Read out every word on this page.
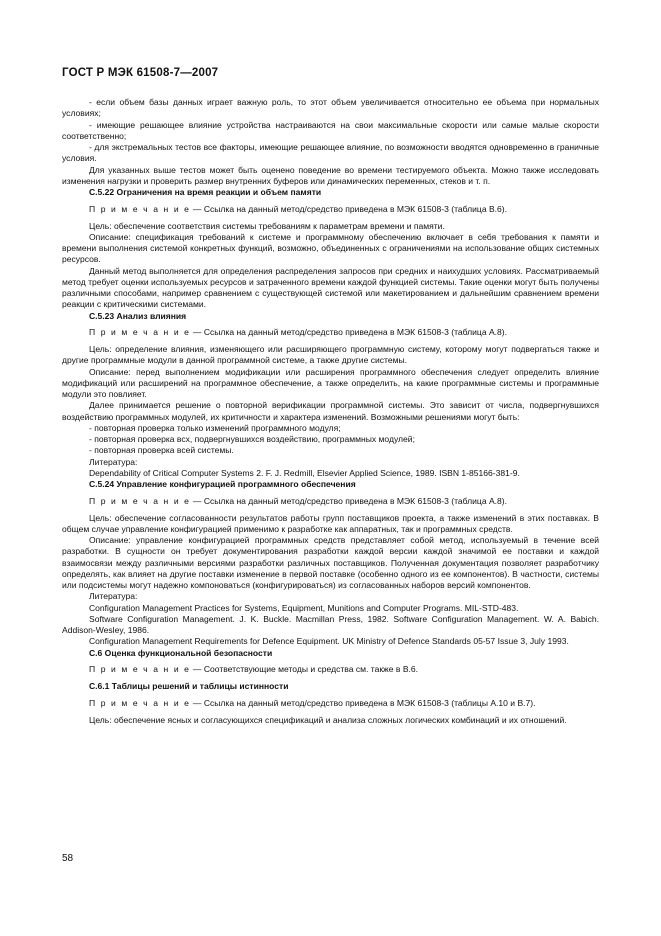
ГОСТ Р МЭК 61508-7—2007

- если объем базы данных играет важную роль, то этот объем увеличивается относительно ее объема при нормальных условиях;

- имеющие решающее влияние устройства настраиваются на свои максимальные скорости или самые малые скорости соответственно;

- для экстремальных тестов все факторы, имеющие решающее влияние, по возможности вводятся одновременно в граничные условия.

Для указанных выше тестов может быть оценено поведение во времени тестируемого объекта. Можно также исследовать изменения нагрузки и проверить размер внутренних буферов или динамических переменных, стеков и т. п.

С.5.22 Ограничения на время реакции и объем памяти

П р и м е ч а н и е — Ссылка на данный метод/средство приведена в МЭК 61508-3 (таблица В.6).

Цель: обеспечение соответствия системы требованиям к параметрам времени и памяти.

Описание: спецификация требований к системе и программному обеспечению включает в себя требования к памяти и времени выполнения системой конкретных функций, возможно, объединенных с ограничениями на использование общих системных ресурсов.

Данный метод выполняется для определения распределения запросов при средних и наихудших условиях. Рассматриваемый метод требует оценки используемых ресурсов и затраченного времени каждой функцией системы. Такие оценки могут быть получены различными способами, например сравнением с существующей системой или макетированием и дальнейшим сравнением времени реакции с критическими системами.

С.5.23 Анализ влияния

П р и м е ч а н и е — Ссылка на данный метод/средство приведена в МЭК 61508-3 (таблица А.8).

Цель: определение влияния, изменяющего или расширяющего программную систему, которому могут подвергаться также и другие программные модули в данной программной системе, а также другие системы.

Описание: перед выполнением модификации или расширения программного обеспечения следует определить влияние модификаций или расширений на программное обеспечение, а также определить, на какие программные системы и программные модули это повлияет.

Далее принимается решение о повторной верификации программной системы. Это зависит от числа, подвергнувшихся воздействию программных модулей, их критичности и характера изменений. Возможными решениями могут быть:

- повторная проверка только изменений программного модуля;

- повторная проверка всх, подвергнувшихся воздействию, программных модулей;

- повторная проверка всей системы.

Литература:

Dependability of Critical Computer Systems 2. F. J. Redmill, Elsevier Applied Science, 1989. ISBN 1-85166-381-9.

С.5.24 Управление конфигурацией программного обеспечения

П р и м е ч а н и е — Ссылка на данный метод/средство приведена в МЭК 61508-3 (таблица А.8).

Цель: обеспечение согласованности результатов работы групп поставщиков проекта, а также изменений в этих поставках. В общем случае управление конфигурацией применимо к разработке как аппаратных, так и программных средств.

Описание: управление конфигурацией программных средств представляет собой метод, используемый в течение всей разработки. В сущности он требует документирования разработки каждой версии каждой значимой ее поставки и каждой взаимосвязи между различными версиями разработки различных поставщиков. Полученная документация позволяет разработчику определять, как влияет на другие поставки изменение в первой поставке (особенно одного из ее компонентов). В частности, системы или подсистемы могут надежно компоноваться (конфигурироваться) из согласованных наборов версий компонентов.

Литература:

Configuration Management Practices for Systems, Equipment, Munitions and Computer Programs. MIL-STD-483.

Software Configuration Management. J. K. Buckle. Macmillan Press, 1982. Software Configuration Management. W. A. Babich. Addison-Wesley, 1986.

Configuration Management Requirements for Defence Equipment. UK Ministry of Defence Standards 05-57 Issue 3, July 1993.

С.6 Оценка функциональной безопасности

П р и м е ч а н и е — Соответствующие методы и средства см. также в В.6.

С.6.1 Таблицы решений и таблицы истинности

П р и м е ч а н и е — Ссылка на данный метод/средство приведена в МЭК 61508-3 (таблицы А.10 и В.7).

Цель: обеспечение ясных и согласующихся спецификаций и анализа сложных логических комбинаций и их отношений.

58
